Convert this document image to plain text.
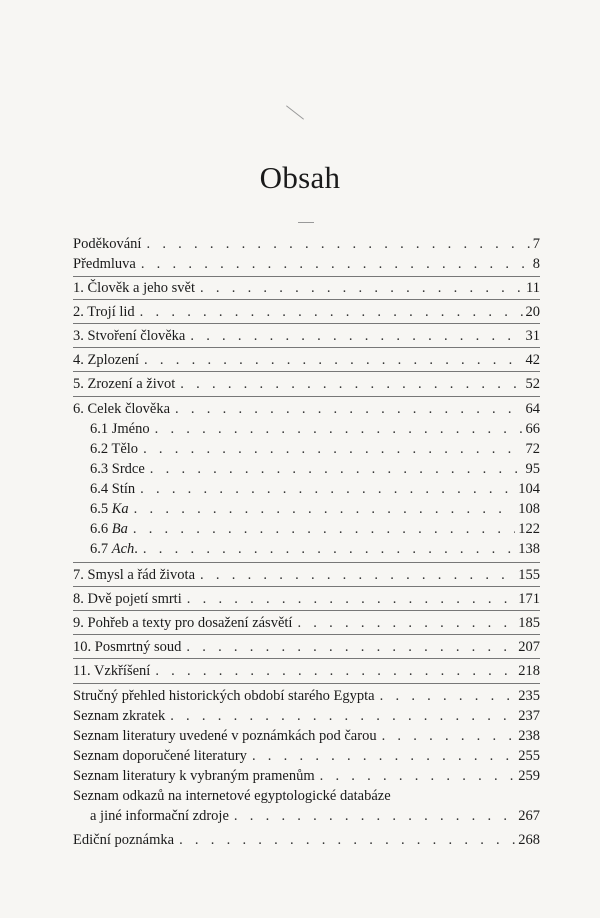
Obsah
Poděkování . . .	7
Předmluva . . .	8
1. Člověk a jeho svět . . .	11
2. Trojí lid . . .	20
3. Stvoření člověka . . .	31
4. Zplození . . .	42
5. Zrození a život . . .	52
6. Celek člověka . . .	64
6.1 Jméno . . .	66
6.2 Tělo . . .	72
6.3 Srdce . . .	95
6.4 Stín . . .	104
6.5 Ka . . .	108
6.6 Ba . . .	122
6.7 Ach. . . .	138
7. Smysl a řád života . . .	155
8. Dvě pojetí smrti . . .	171
9. Pohřeb a texty pro dosažení zásvětí . . .	185
10. Posmrtný soud . . .	207
11. Vzkříšení . . .	218
Stručný přehled historických období starého Egypta . . .	235
Seznam zkratek . . .	237
Seznam literatury uvedené v poznámkách pod čarou . . .	238
Seznam doporučené literatury . . .	255
Seznam literatury k vybraným pramenům . . .	259
Seznam odkazů na internetové egyptologické databáze
a jiné informační zdroje . . .	267
Ediční poznámka . . .	268
